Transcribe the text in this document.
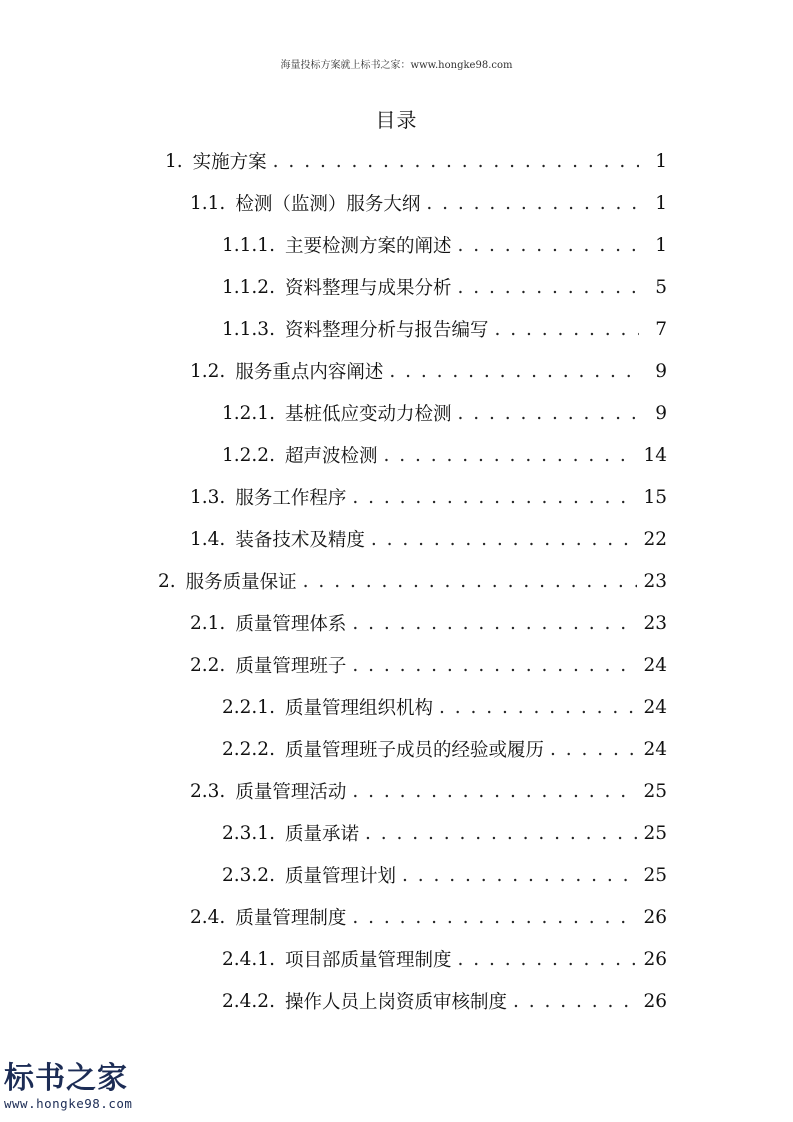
海量投标方案就上标书之家：www.hongke98.com
目录
1. 实施方案 . . .	1
1.1. 检测（监测）服务大纲 . . .	1
1.1.1. 主要检测方案的阐述 . . .	1
1.1.2. 资料整理与成果分析 . . .	5
1.1.3. 资料整理分析与报告编写 . . .	7
1.2. 服务重点内容阐述 . . .	9
1.2.1. 基桩低应变动力检测 . . .	9
1.2.2. 超声波检测 . . .	14
1.3. 服务工作程序 . . .	15
1.4. 装备技术及精度 . . .	22
2. 服务质量保证 . . .	23
2.1. 质量管理体系 . . .	23
2.2. 质量管理班子 . . .	24
2.2.1. 质量管理组织机构 . . .	24
2.2.2. 质量管理班子成员的经验或履历 . . .	24
2.3. 质量管理活动 . . .	25
2.3.1. 质量承诺 . . .	25
2.3.2. 质量管理计划 . . .	25
2.4. 质量管理制度 . . .	26
2.4.1. 项目部质量管理制度 . . .	26
2.4.2. 操作人员上岗资质审核制度 . . .	26
标书之家
www.hongke98.com
